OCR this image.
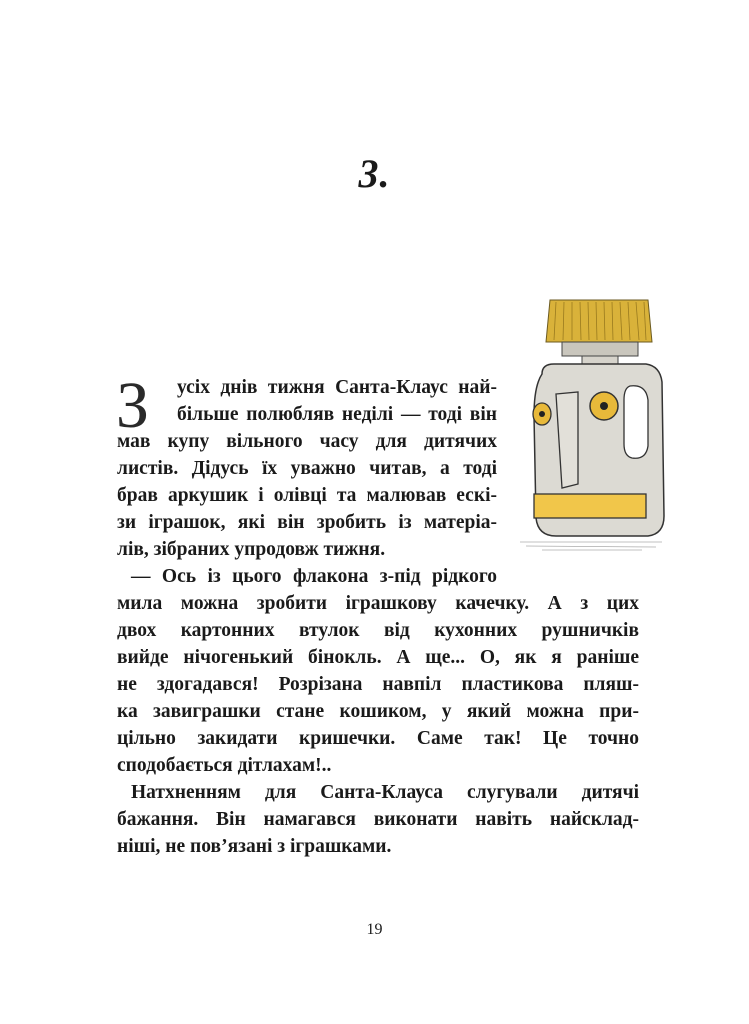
3.
З усіх днів тижня Санта-Клаус най-
більше полюбляв неділі — тоді він
мав купу вільного часу для дитячих
листів. Дідусь їх уважно читав, а тоді
брав аркушик і олівці та малював ескі-
зи іграшок, які він зробить із матеріа-
лів, зібраних упродовж тижня.
— Ось із цього флакона з-під рідкого
мила можна зробити іграшкову качечку. А з цих
двох картонних втулок від кухонних рушничків
вийде нічогенький бінокль. А ще... О, як я раніше
не здогадався! Розрізана навпіл пластикова пляш-
ка завиграшки стане кошиком, у який можна при-
цільно закидати кришечки. Саме так! Це точно
сподобається дітлахам!..
Натхненням для Санта-Клауса слугували дитячі
бажання. Він намагався виконати навіть найсклад-
ніші, не пов’язані з іграшками.
19
